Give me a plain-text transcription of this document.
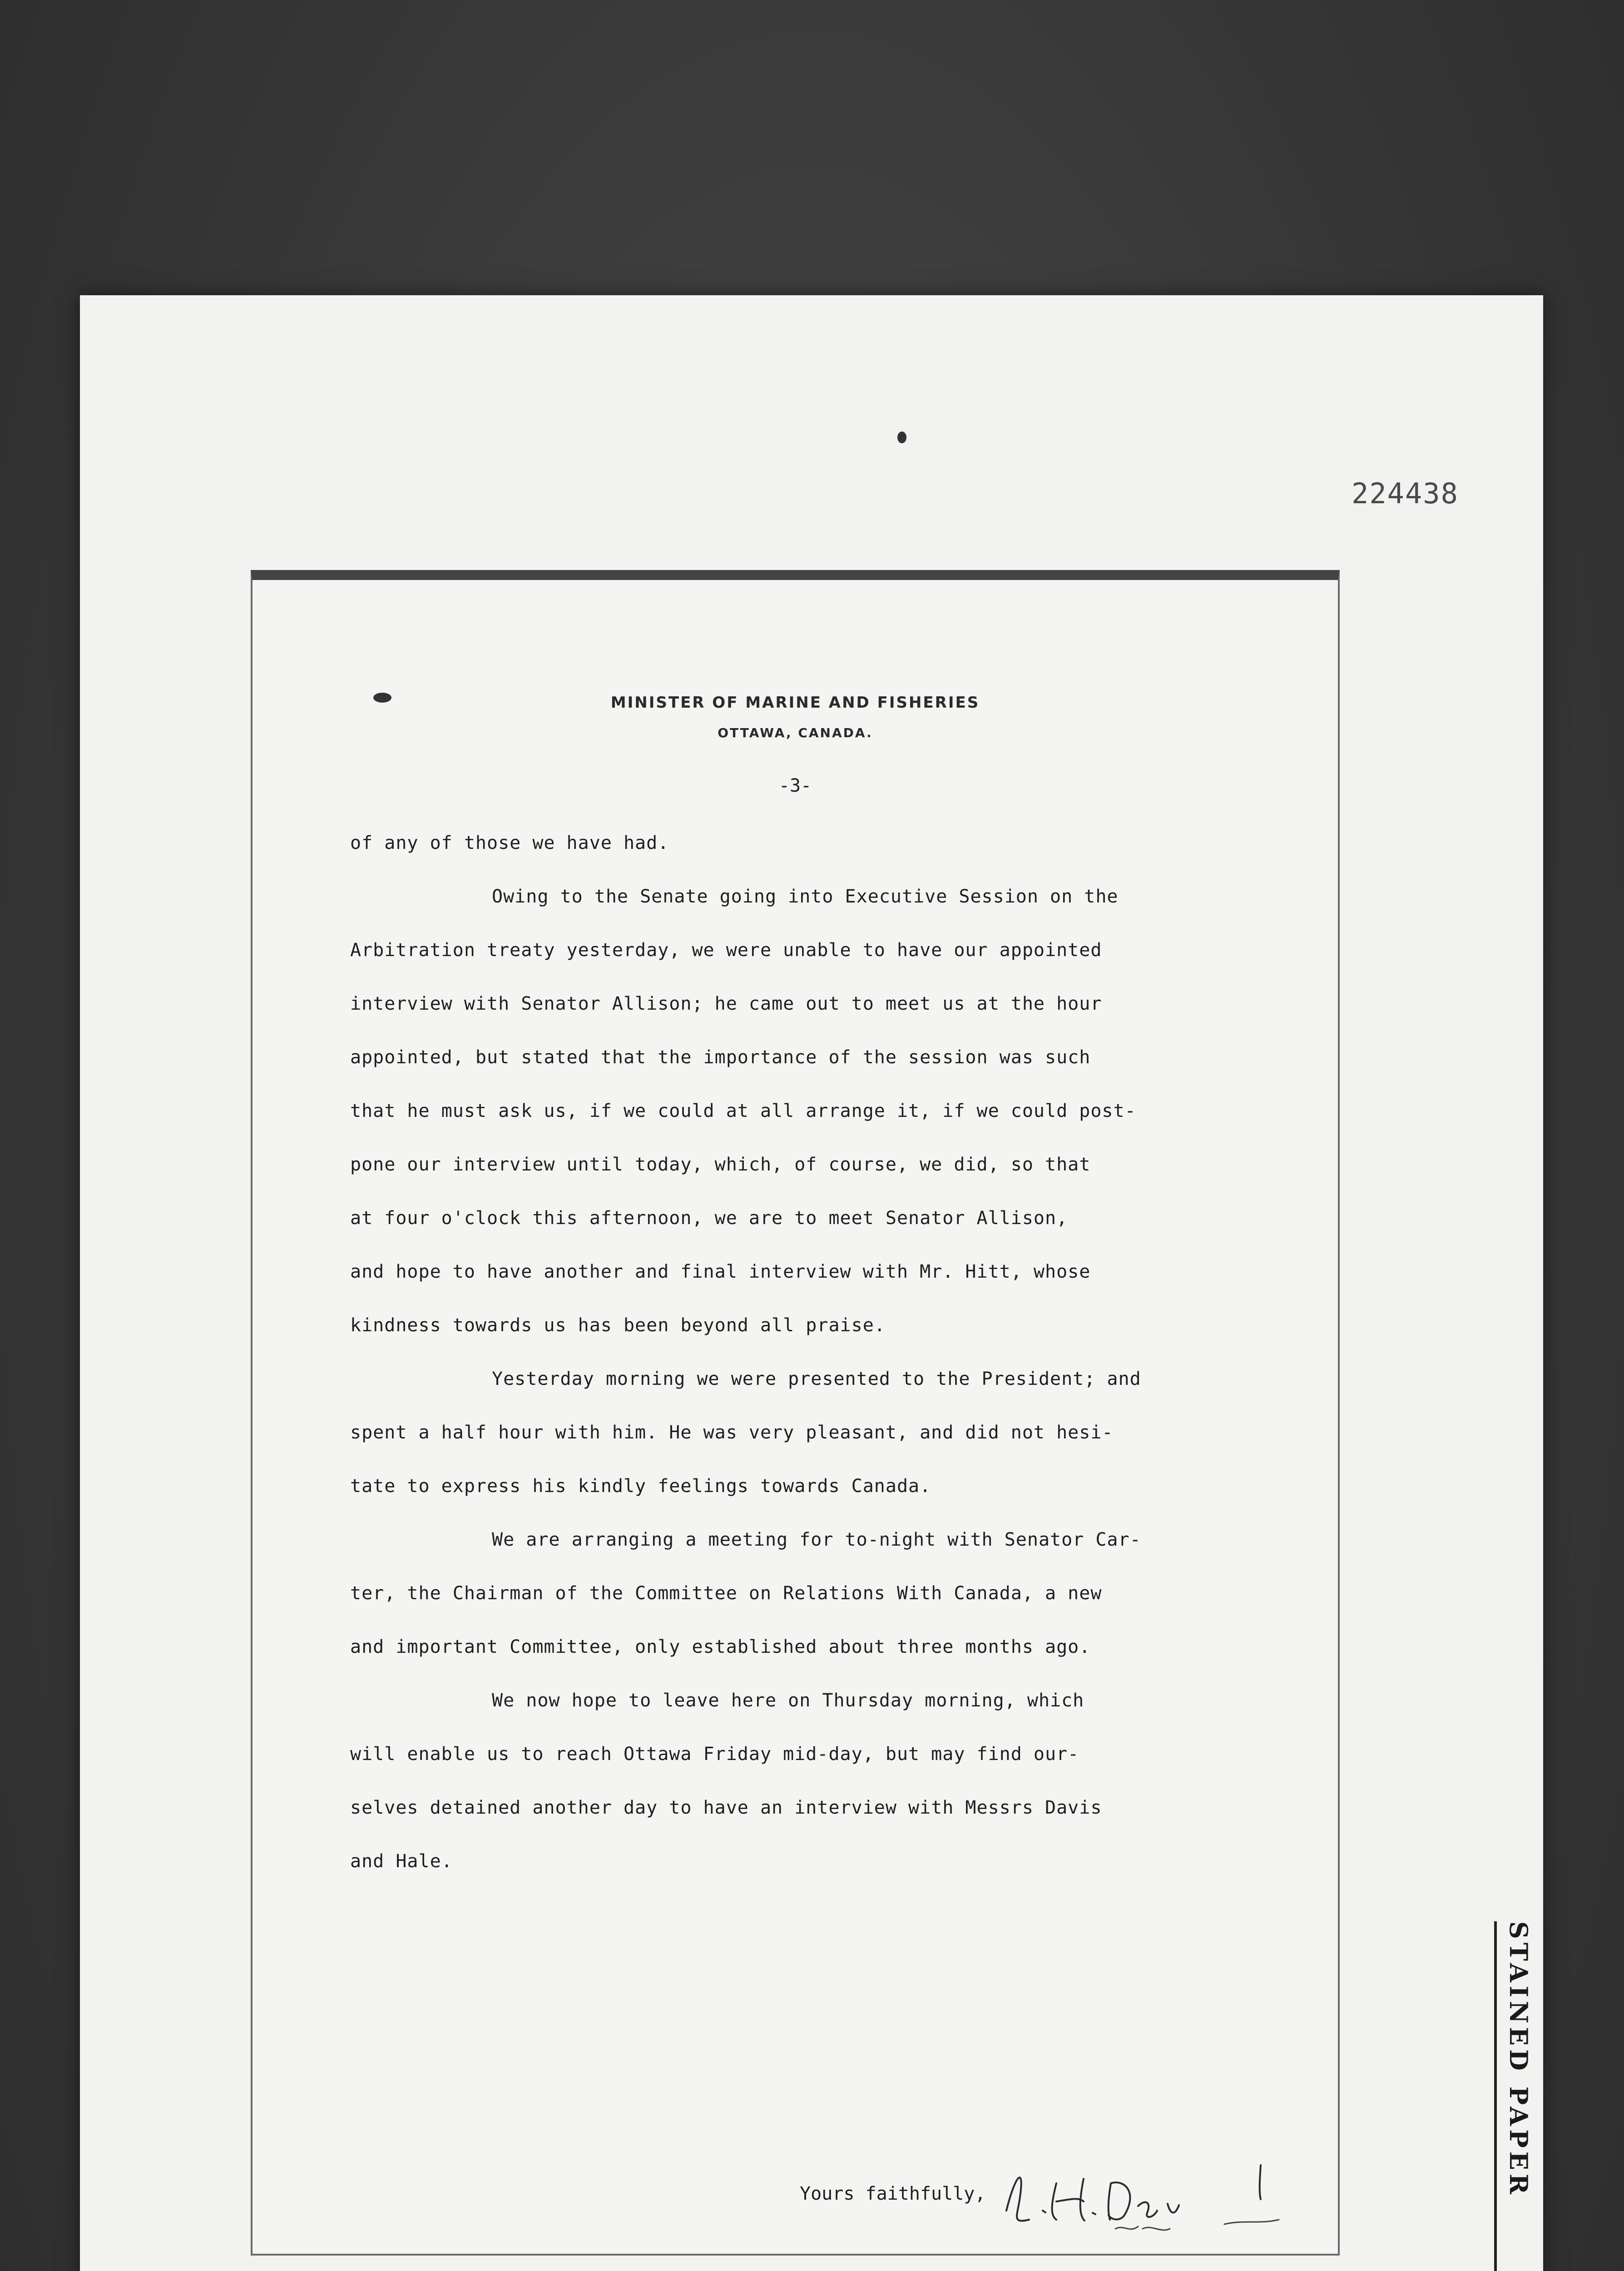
224438
MINISTER OF MARINE AND FISHERIES
OTTAWA, CANADA.
-3-
of any of those we have had.
Owing to the Senate going into Executive Session on the
Arbitration treaty yesterday, we were unable to have our appointed
interview with Senator Allison; he came out to meet us at the hour
appointed, but stated that the importance of the session was such
that he must ask us, if we could at all arrange it, if we could post-
pone our interview until today, which, of course, we did, so that
at four o'clock this afternoon, we are to meet Senator Allison,
and hope to have another and final interview with Mr. Hitt, whose
kindness towards us has been beyond all praise.
Yesterday morning we were presented to the President; and
spent a half hour with him. He was very pleasant, and did not hesi-
tate to express his kindly feelings towards Canada.
We are arranging a meeting for to-night with Senator Car-
ter, the Chairman of the Committee on Relations With Canada, a new
and important Committee, only established about three months ago.
We now hope to leave here on Thursday morning, which
will enable us to reach Ottawa Friday mid-day, but may find our-
selves detained another day to have an interview with Messrs Davis
and Hale.
Yours faithfully,	STAINED PAPER
